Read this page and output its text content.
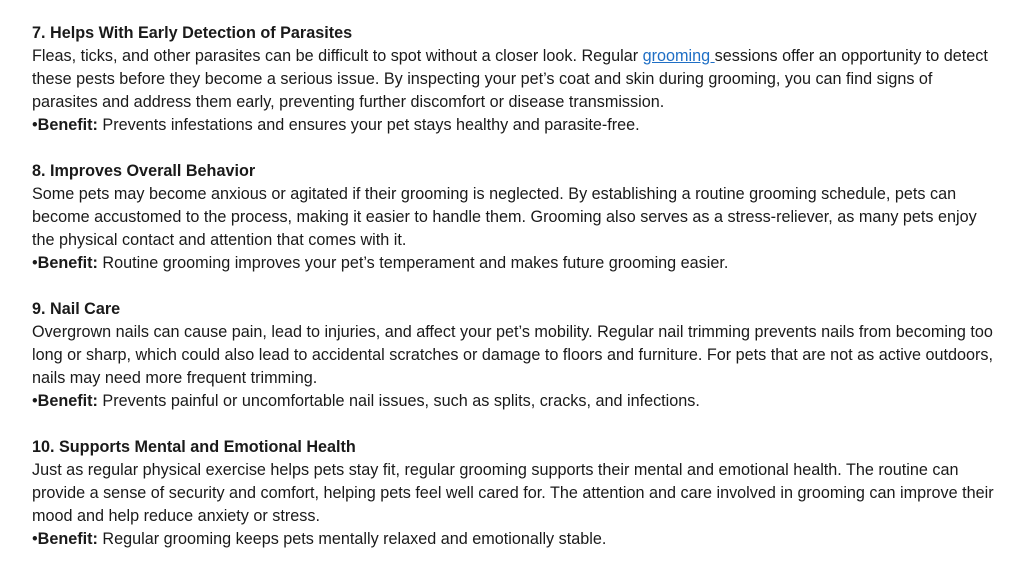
7. Helps With Early Detection of Parasites
Fleas, ticks, and other parasites can be difficult to spot without a closer look. Regular grooming sessions offer an opportunity to detect these pests before they become a serious issue. By inspecting your pet’s coat and skin during grooming, you can find signs of parasites and address them early, preventing further discomfort or disease transmission.
•Benefit: Prevents infestations and ensures your pet stays healthy and parasite-free.
8. Improves Overall Behavior
Some pets may become anxious or agitated if their grooming is neglected. By establishing a routine grooming schedule, pets can become accustomed to the process, making it easier to handle them. Grooming also serves as a stress-reliever, as many pets enjoy the physical contact and attention that comes with it.
•Benefit: Routine grooming improves your pet’s temperament and makes future grooming easier.
9. Nail Care
Overgrown nails can cause pain, lead to injuries, and affect your pet’s mobility. Regular nail trimming prevents nails from becoming too long or sharp, which could also lead to accidental scratches or damage to floors and furniture. For pets that are not as active outdoors, nails may need more frequent trimming.
•Benefit: Prevents painful or uncomfortable nail issues, such as splits, cracks, and infections.
10. Supports Mental and Emotional Health
Just as regular physical exercise helps pets stay fit, regular grooming supports their mental and emotional health. The routine can provide a sense of security and comfort, helping pets feel well cared for. The attention and care involved in grooming can improve their mood and help reduce anxiety or stress.
•Benefit: Regular grooming keeps pets mentally relaxed and emotionally stable.
